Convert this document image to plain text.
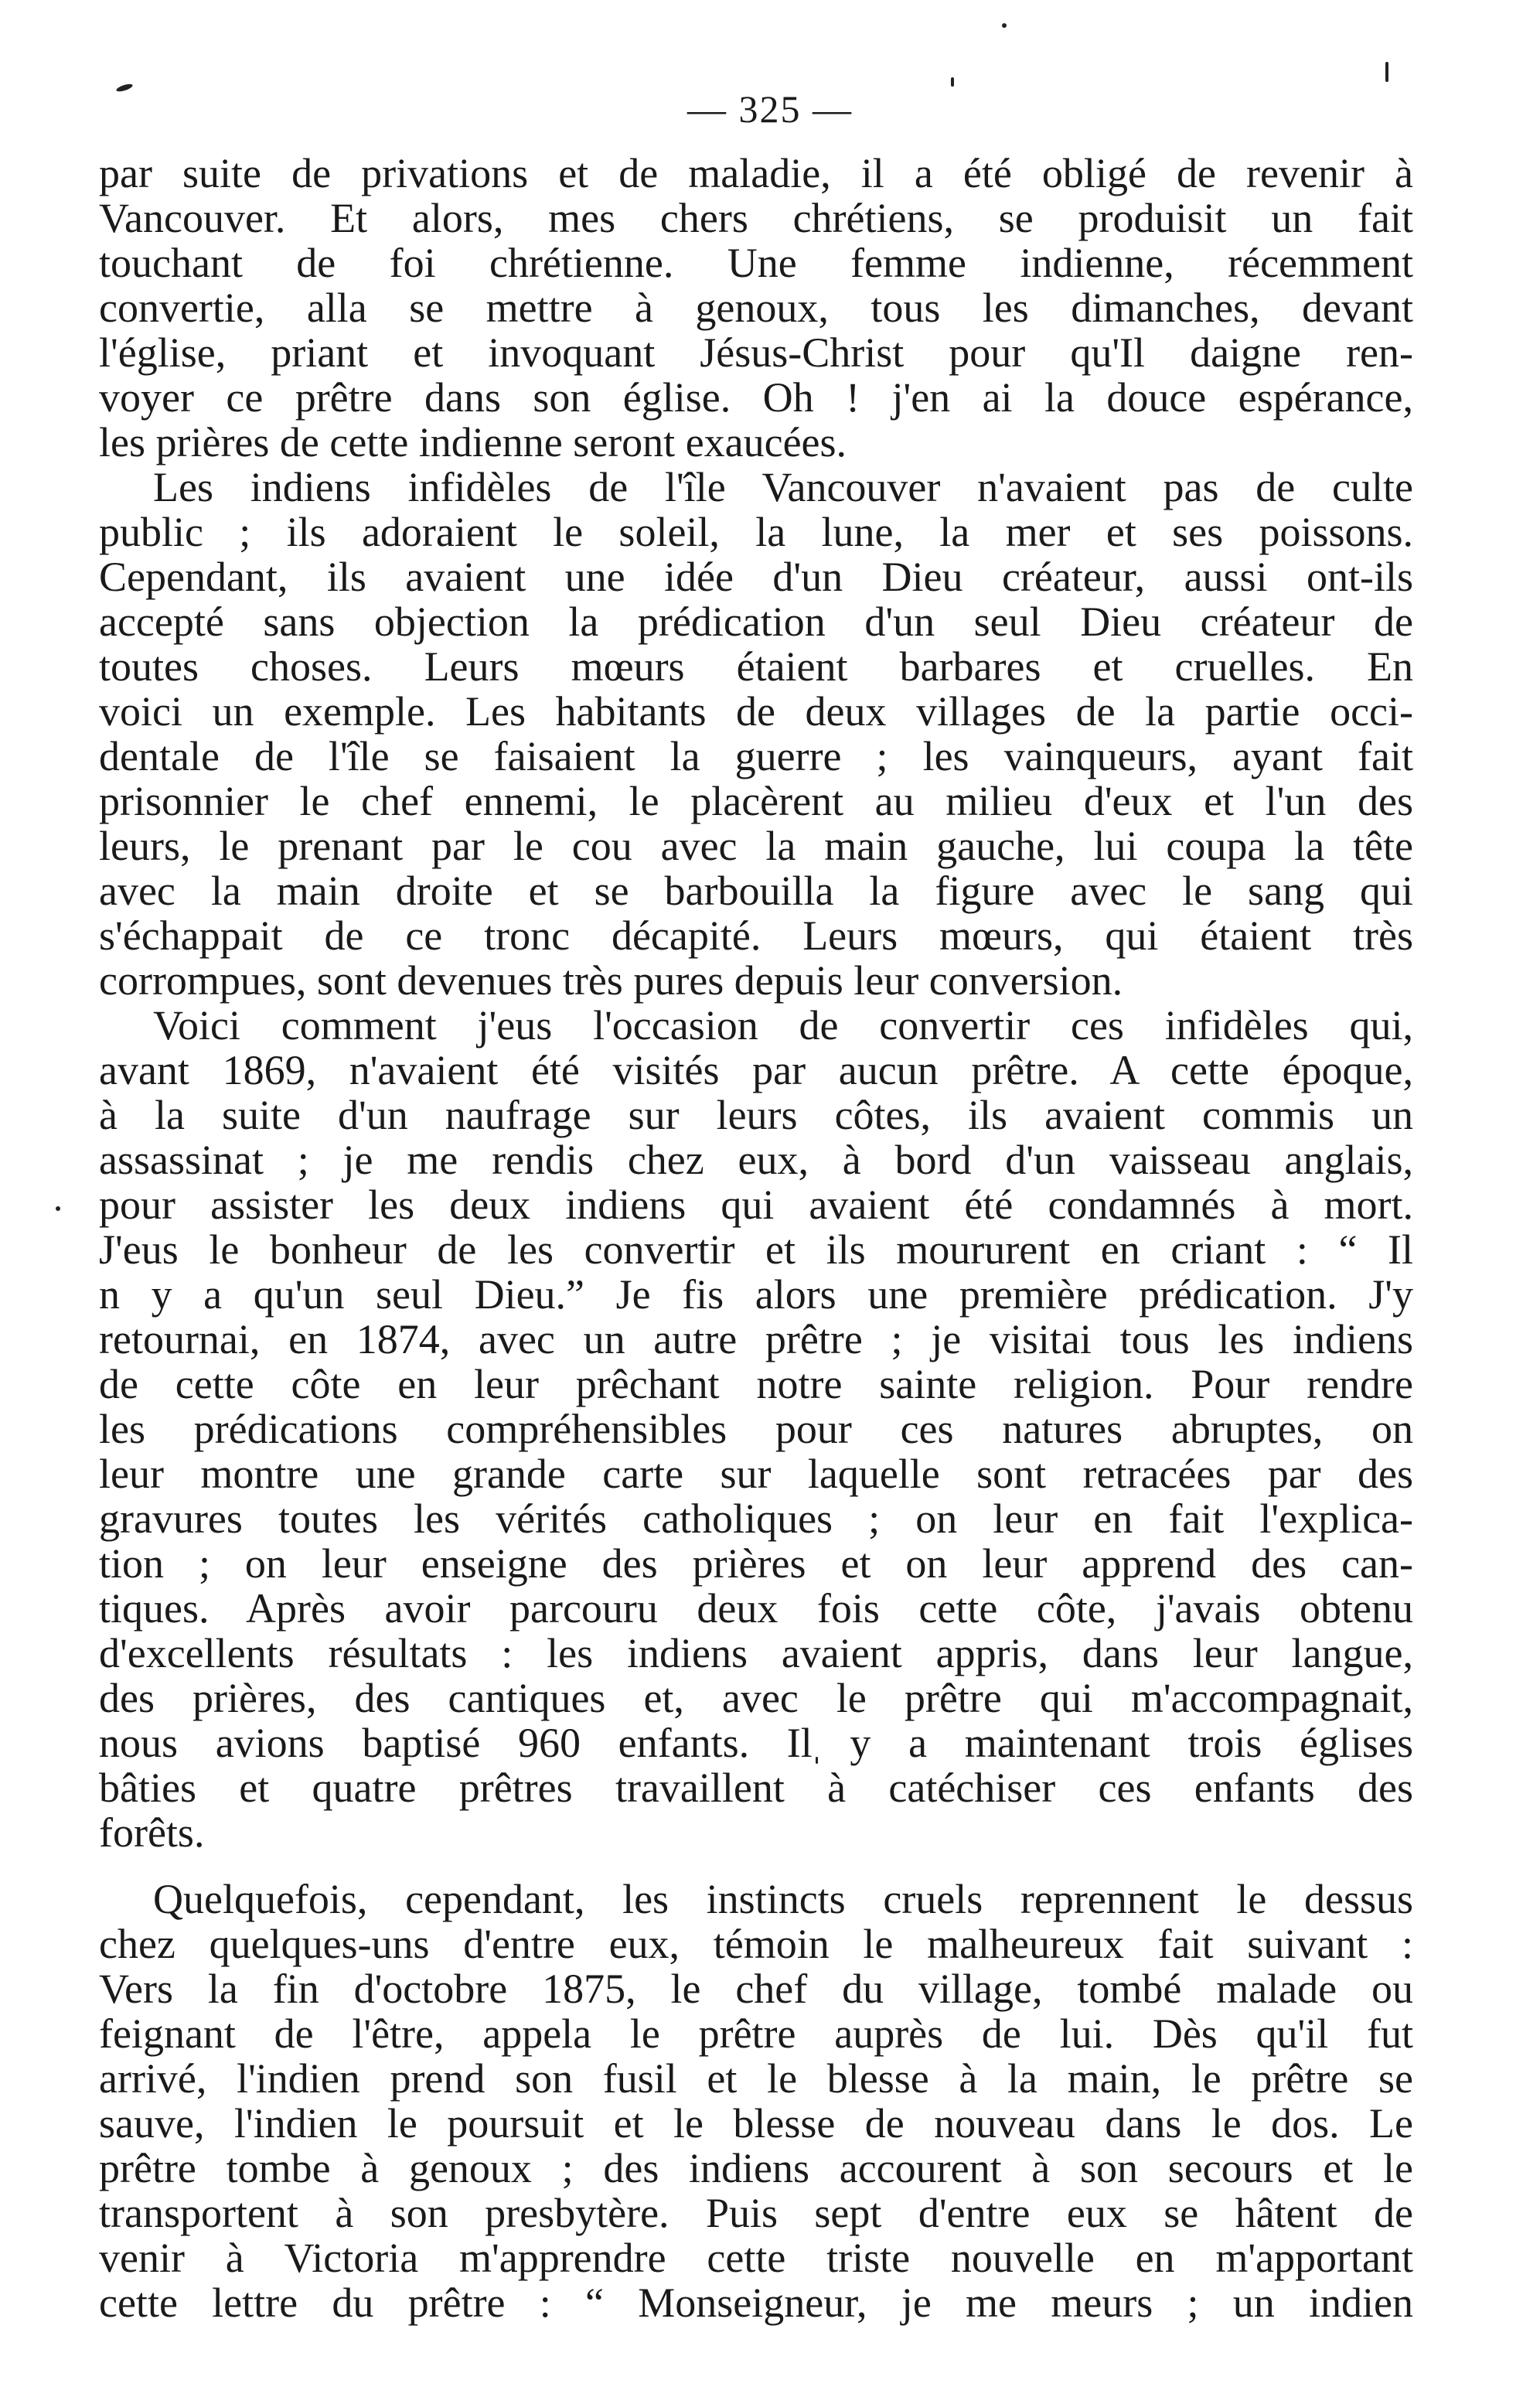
— 325 —
par suite de privations et de maladie, il a été obligé de revenir à
Vancouver. Et alors, mes chers chrétiens, se produisit un fait
touchant de foi chrétienne. Une femme indienne, récemment
convertie, alla se mettre à genoux, tous les dimanches, devant
l'église, priant et invoquant Jésus-Christ pour qu'Il daigne ren-
voyer ce prêtre dans son église. Oh ! j'en ai la douce espérance,
les prières de cette indienne seront exaucées.
Les indiens infidèles de l'île Vancouver n'avaient pas de culte
public ; ils adoraient le soleil, la lune, la mer et ses poissons.
Cependant, ils avaient une idée d'un Dieu créateur, aussi ont-ils
accepté sans objection la prédication d'un seul Dieu créateur de
toutes choses. Leurs mœurs étaient barbares et cruelles. En
voici un exemple. Les habitants de deux villages de la partie occi-
dentale de l'île se faisaient la guerre ; les vainqueurs, ayant fait
prisonnier le chef ennemi, le placèrent au milieu d'eux et l'un des
leurs, le prenant par le cou avec la main gauche, lui coupa la tête
avec la main droite et se barbouilla la figure avec le sang qui
s'échappait de ce tronc décapité. Leurs mœurs, qui étaient très
corrompues, sont devenues très pures depuis leur conversion.
Voici comment j'eus l'occasion de convertir ces infidèles qui,
avant 1869, n'avaient été visités par aucun prêtre. A cette époque,
à la suite d'un naufrage sur leurs côtes, ils avaient commis un
assassinat ; je me rendis chez eux, à bord d'un vaisseau anglais,
pour assister les deux indiens qui avaient été condamnés à mort.
J'eus le bonheur de les convertir et ils moururent en criant : “ Il
n y a qu'un seul Dieu.” Je fis alors une première prédication. J'y
retournai, en 1874, avec un autre prêtre ; je visitai tous les indiens
de cette côte en leur prêchant notre sainte religion. Pour rendre
les prédications compréhensibles pour ces natures abruptes, on
leur montre une grande carte sur laquelle sont retracées par des
gravures toutes les vérités catholiques ; on leur en fait l'explica-
tion ; on leur enseigne des prières et on leur apprend des can-
tiques. Après avoir parcouru deux fois cette côte, j'avais obtenu
d'excellents résultats : les indiens avaient appris, dans leur langue,
des prières, des cantiques et, avec le prêtre qui m'accompagnait,
nous avions baptisé 960 enfants. Il y a maintenant trois églises
bâties et quatre prêtres travaillent à catéchiser ces enfants des
forêts.
Quelquefois, cependant, les instincts cruels reprennent le dessus
chez quelques-uns d'entre eux, témoin le malheureux fait suivant :
Vers la fin d'octobre 1875, le chef du village, tombé malade ou
feignant de l'être, appela le prêtre auprès de lui. Dès qu'il fut
arrivé, l'indien prend son fusil et le blesse à la main, le prêtre se
sauve, l'indien le poursuit et le blesse de nouveau dans le dos. Le
prêtre tombe à genoux ; des indiens accourent à son secours et le
transportent à son presbytère. Puis sept d'entre eux se hâtent de
venir à Victoria m'apprendre cette triste nouvelle en m'apportant
cette lettre du prêtre : “ Monseigneur, je me meurs ; un indien
